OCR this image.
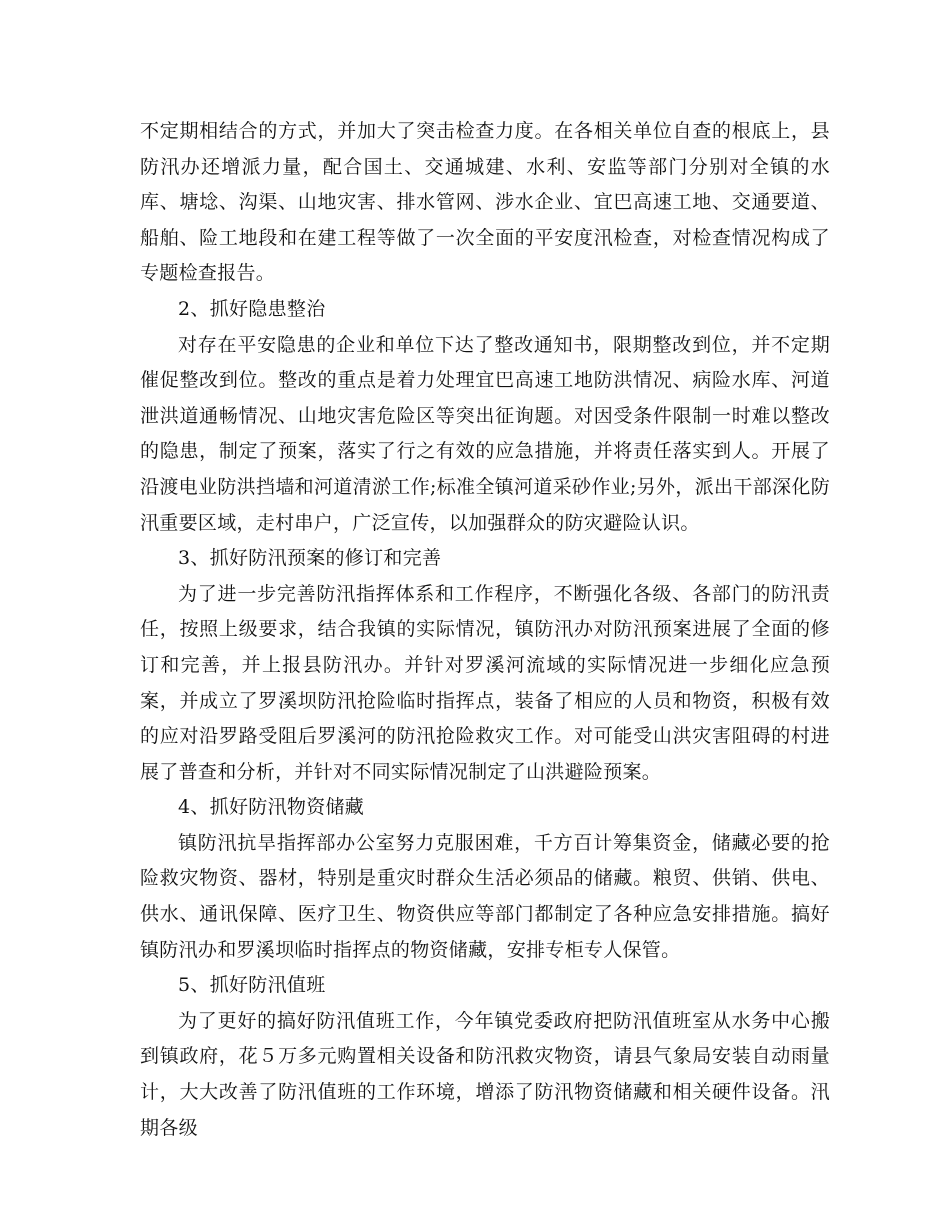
不定期相结合的方式，并加大了突击检查力度。在各相关单位自查的根底上，县防汛办还增派力量，配合国土、交通城建、水利、安监等部门分别对全镇的水库、塘埝、沟渠、山地灾害、排水管网、涉水企业、宜巴高速工地、交通要道、船舶、险工地段和在建工程等做了一次全面的平安度汛检查，对检查情况构成了专题检查报告。

2、抓好隐患整治

对存在平安隐患的企业和单位下达了整改通知书，限期整改到位，并不定期催促整改到位。整改的重点是着力处理宜巴高速工地防洪情况、病险水库、河道泄洪道通畅情况、山地灾害危险区等突出征询题。对因受条件限制一时难以整改的隐患，制定了预案，落实了行之有效的应急措施，并将责任落实到人。开展了沿渡电业防洪挡墙和河道清淤工作;标准全镇河道采砂作业;另外，派出干部深化防汛重要区域，走村串户，广泛宣传，以加强群众的防灾避险认识。

3、抓好防汛预案的修订和完善

为了进一步完善防汛指挥体系和工作程序，不断强化各级、各部门的防汛责任，按照上级要求，结合我镇的实际情况，镇防汛办对防汛预案进展了全面的修订和完善，并上报县防汛办。并针对罗溪河流域的实际情况进一步细化应急预案，并成立了罗溪坝防汛抢险临时指挥点，装备了相应的人员和物资，积极有效的应对沿罗路受阻后罗溪河的防汛抢险救灾工作。对可能受山洪灾害阻碍的村进展了普查和分析，并针对不同实际情况制定了山洪避险预案。

4、抓好防汛物资储藏

镇防汛抗旱指挥部办公室努力克服困难，千方百计筹集资金，储藏必要的抢险救灾物资、器材，特别是重灾时群众生活必须品的储藏。粮贸、供销、供电、供水、通讯保障、医疗卫生、物资供应等部门都制定了各种应急安排措施。搞好镇防汛办和罗溪坝临时指挥点的物资储藏，安排专柜专人保管。

5、抓好防汛值班

为了更好的搞好防汛值班工作，今年镇党委政府把防汛值班室从水务中心搬到镇政府，花５万多元购置相关设备和防汛救灾物资，请县气象局安装自动雨量计，大大改善了防汛值班的工作环境，增添了防汛物资储藏和相关硬件设备。汛期各级
